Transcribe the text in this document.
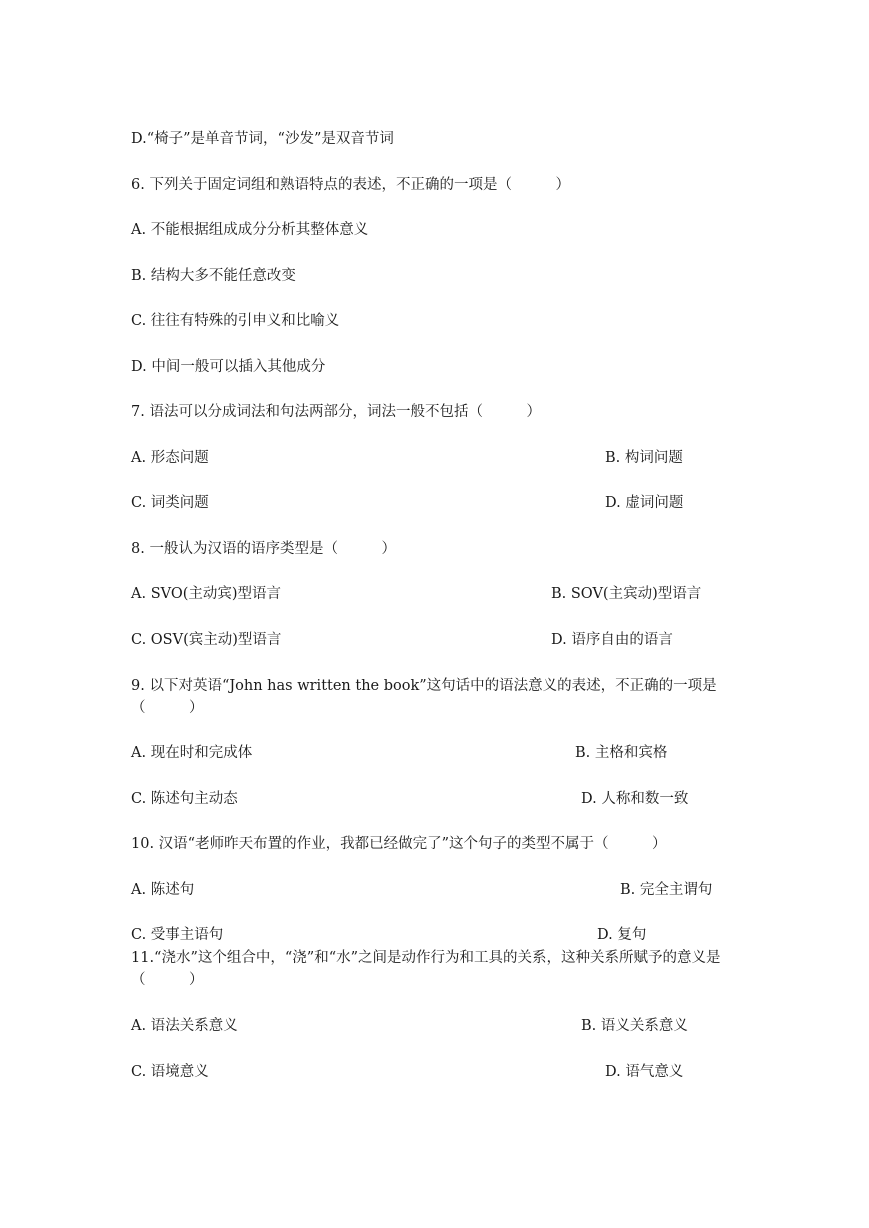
D.“椅子”是单音节词，“沙发”是双音节词
6. 下列关于固定词组和熟语特点的表述，不正确的一项是（　　　）
A. 不能根据组成成分分析其整体意义
B. 结构大多不能任意改变
C. 往往有特殊的引申义和比喻义
D. 中间一般可以插入其他成分
7. 语法可以分成词法和句法两部分，词法一般不包括（　　　）
A. 形态问题	B. 构词问题
C. 词类问题	D. 虚词问题
8. 一般认为汉语的语序类型是（　　　）
A. SVO(主动宾)型语言	B. SOV(主宾动)型语言
C. OSV(宾主动)型语言	D. 语序自由的语言
9. 以下对英语“John has written the book”这句话中的语法意义的表述，不正确的一项是（　　　）
A. 现在时和完成体	B. 主格和宾格
C. 陈述句主动态	D. 人称和数一致
10. 汉语“老师昨天布置的作业，我都已经做完了”这个句子的类型不属于（　　　）
A. 陈述句	B. 完全主谓句
C. 受事主语句	D. 复句
11.“浇水”这个组合中，“浇”和“水”之间是动作行为和工具的关系，这种关系所赋予的意义是（　　　）
A. 语法关系意义	B. 语义关系意义
C. 语境意义	D. 语气意义
